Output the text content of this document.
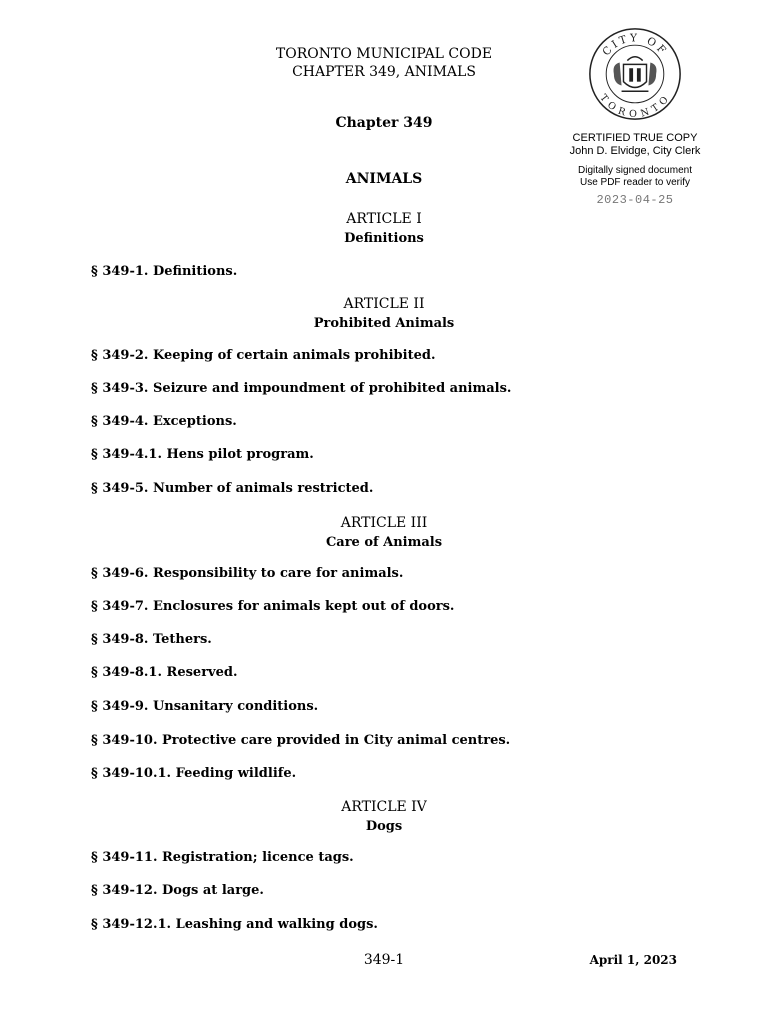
TORONTO MUNICIPAL CODE
CHAPTER 349, ANIMALS
CITY OF
TORONTO
CERTIFIED TRUE COPY
John D. Elvidge, City Clerk
Digitally signed document
Use PDF reader to verify
2023-04-25
Chapter 349
ANIMALS
ARTICLE I
Definitions
§ 349-1. Definitions.
ARTICLE II
Prohibited Animals
§ 349-2. Keeping of certain animals prohibited.
§ 349-3. Seizure and impoundment of prohibited animals.
§ 349-4. Exceptions.
§ 349-4.1. Hens pilot program.
§ 349-5. Number of animals restricted.
ARTICLE III
Care of Animals
§ 349-6. Responsibility to care for animals.
§ 349-7. Enclosures for animals kept out of doors.
§ 349-8. Tethers.
§ 349-8.1. Reserved.
§ 349-9. Unsanitary conditions.
§ 349-10. Protective care provided in City animal centres.
§ 349-10.1. Feeding wildlife.
ARTICLE IV
Dogs
§ 349-11. Registration; licence tags.
§ 349-12. Dogs at large.
§ 349-12.1. Leashing and walking dogs.
349-1	April 1, 2023
